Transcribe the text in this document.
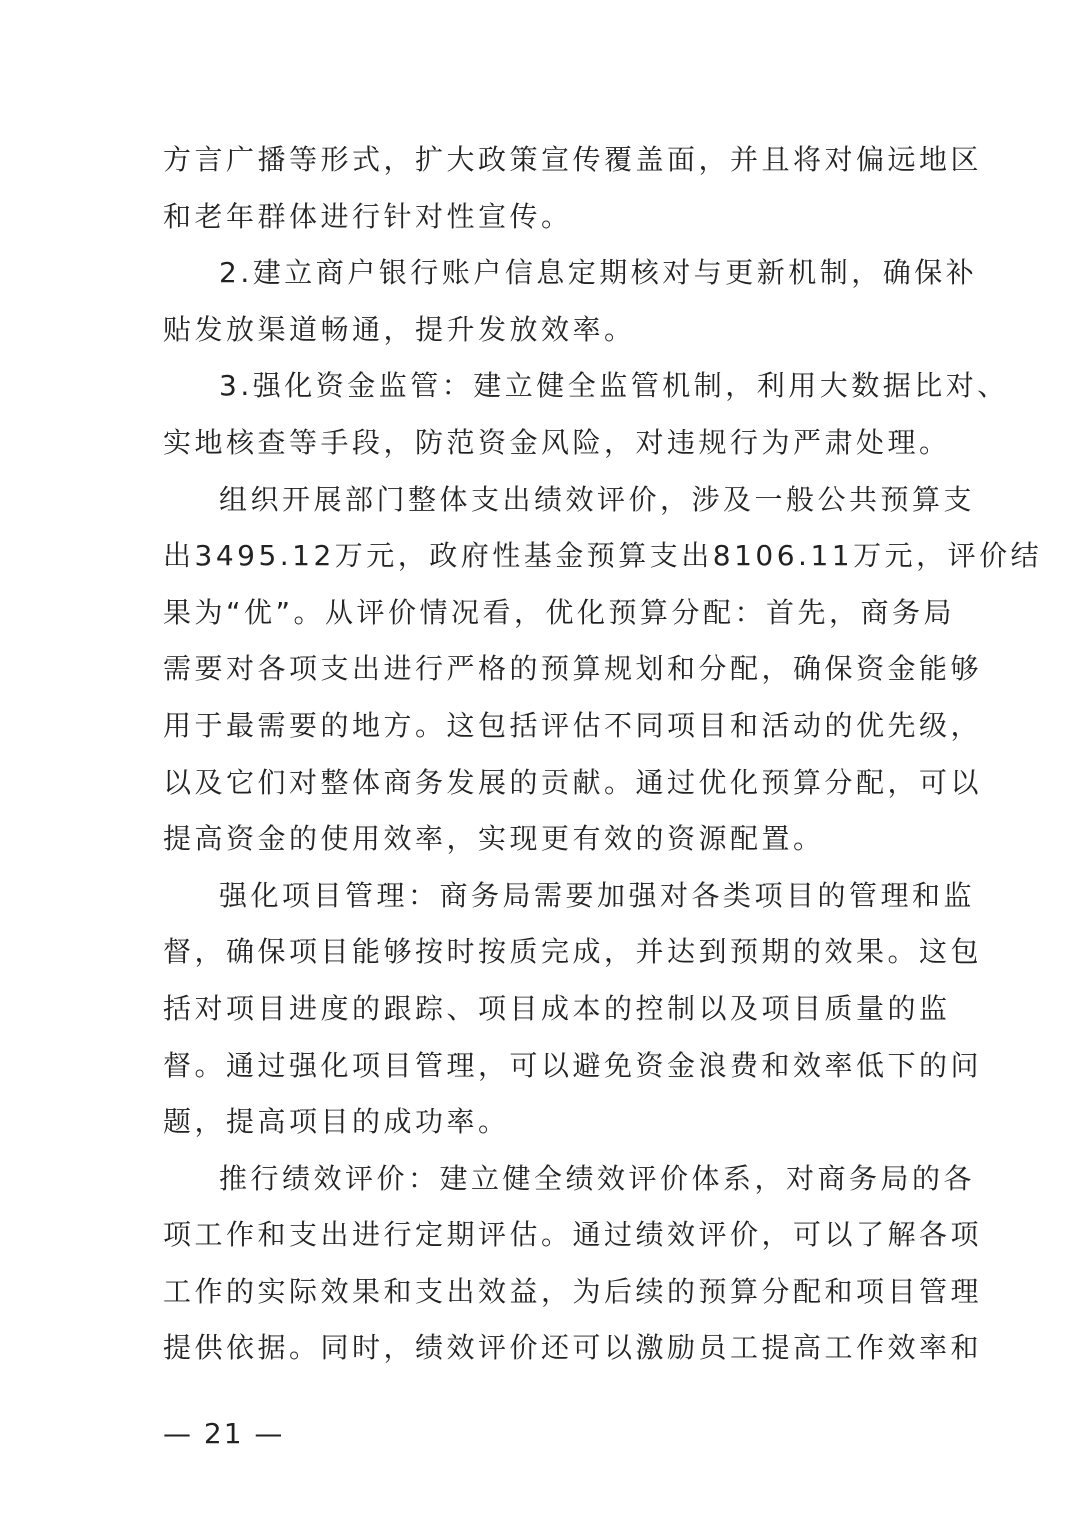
方言广播等形式，扩大政策宣传覆盖面，并且将对偏远地区
和老年群体进行针对性宣传。
2.建立商户银行账户信息定期核对与更新机制，确保补
贴发放渠道畅通，提升发放效率。
3.强化资金监管：建立健全监管机制，利用大数据比对、
实地核查等手段，防范资金风险，对违规行为严肃处理。
组织开展部门整体支出绩效评价，涉及一般公共预算支
出3495.12万元，政府性基金预算支出8106.11万元，评价结
果为“优”。从评价情况看，优化预算分配：首先，商务局
需要对各项支出进行严格的预算规划和分配，确保资金能够
用于最需要的地方。这包括评估不同项目和活动的优先级，
以及它们对整体商务发展的贡献。通过优化预算分配，可以
提高资金的使用效率，实现更有效的资源配置。
强化项目管理：商务局需要加强对各类项目的管理和监
督，确保项目能够按时按质完成，并达到预期的效果。这包
括对项目进度的跟踪、项目成本的控制以及项目质量的监
督。通过强化项目管理，可以避免资金浪费和效率低下的问
题，提高项目的成功率。
推行绩效评价：建立健全绩效评价体系，对商务局的各
项工作和支出进行定期评估。通过绩效评价，可以了解各项
工作的实际效果和支出效益，为后续的预算分配和项目管理
提供依据。同时，绩效评价还可以激励员工提高工作效率和
— 21 —
